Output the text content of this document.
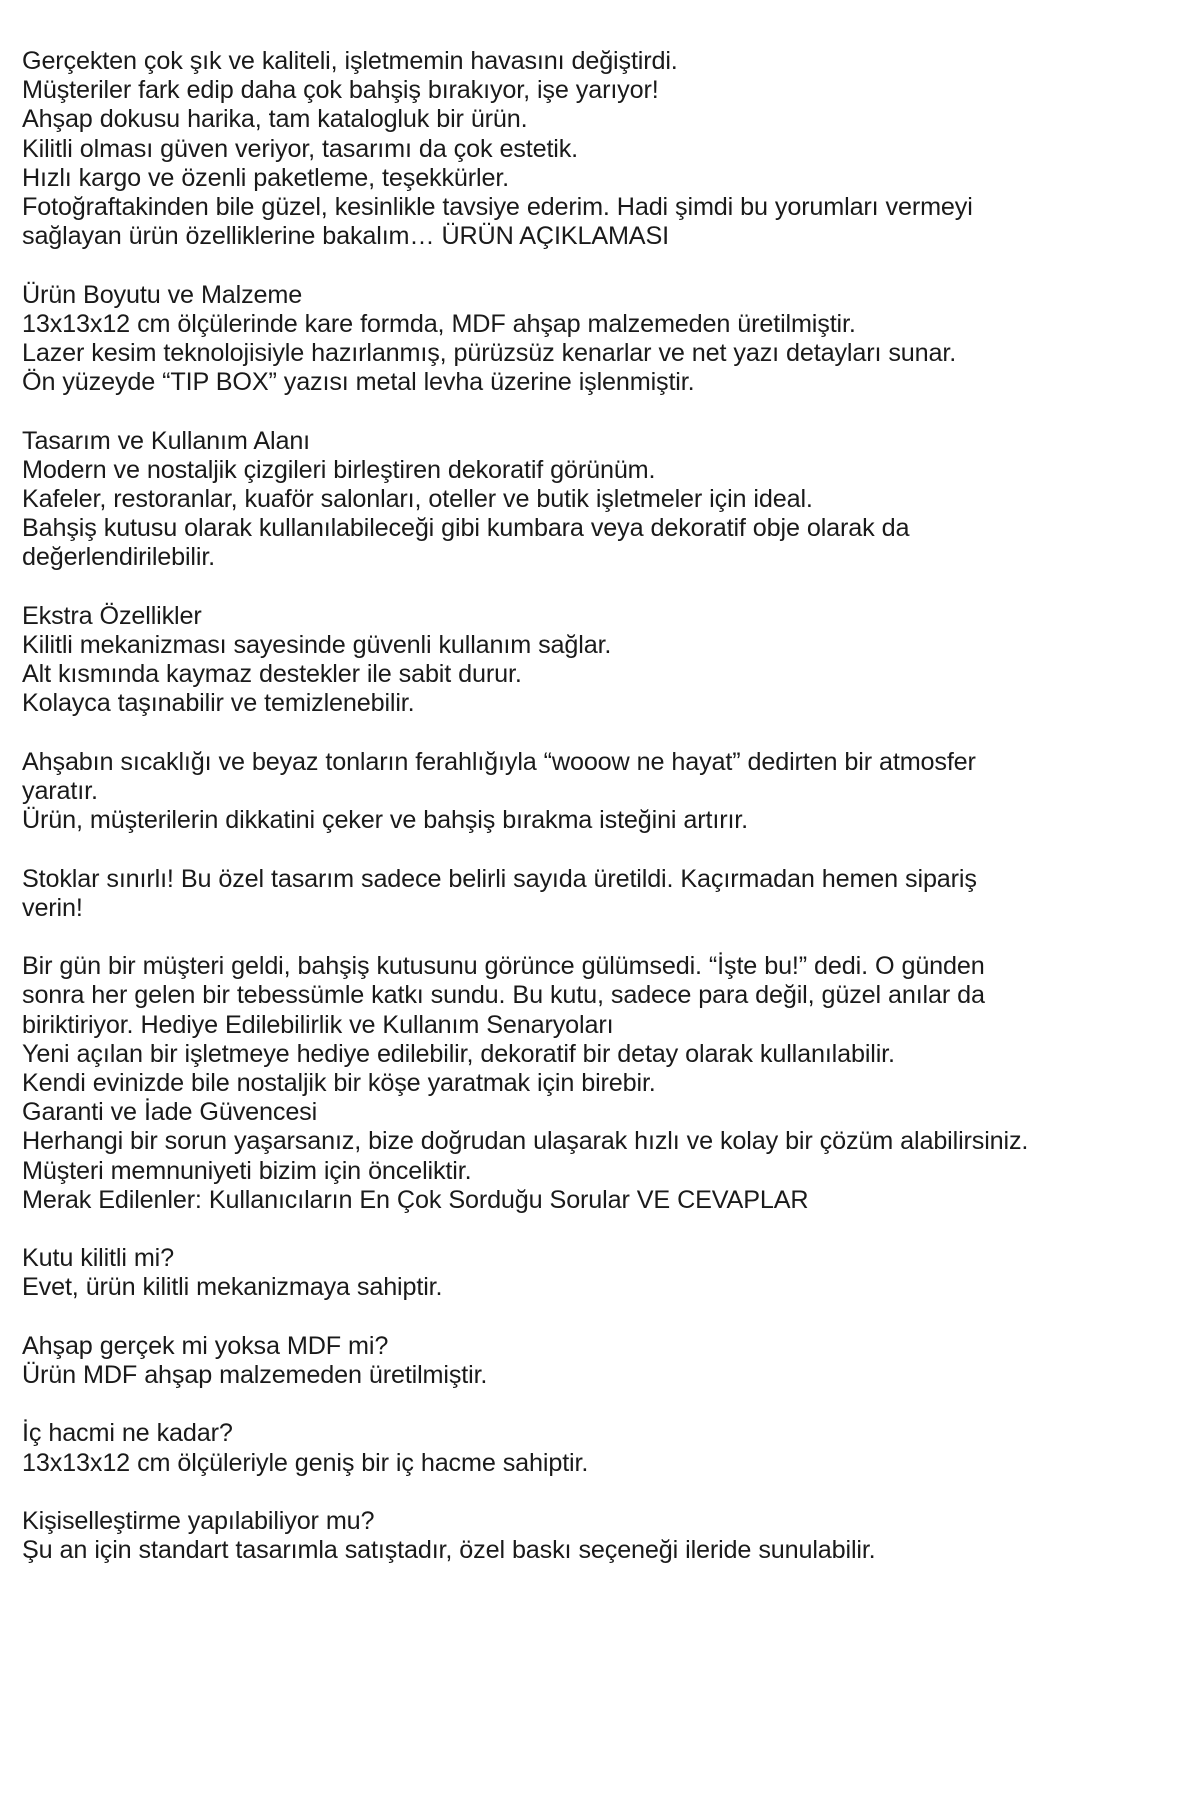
Gerçekten çok şık ve kaliteli, işletmemin havasını değiştirdi.
Müşteriler fark edip daha çok bahşiş bırakıyor, işe yarıyor!
Ahşap dokusu harika, tam katalogluk bir ürün.
Kilitli olması güven veriyor, tasarımı da çok estetik.
Hızlı kargo ve özenli paketleme, teşekkürler.
Fotoğraftakinden bile güzel, kesinlikle tavsiye ederim. Hadi şimdi bu yorumları vermeyi sağlayan ürün özelliklerine bakalım… ÜRÜN AÇIKLAMASI
Ürün Boyutu ve Malzeme
13x13x12 cm ölçülerinde kare formda, MDF ahşap malzemeden üretilmiştir.
Lazer kesim teknolojisiyle hazırlanmış, pürüzsüz kenarlar ve net yazı detayları sunar.
Ön yüzeyde “TIP BOX” yazısı metal levha üzerine işlenmiştir.
Tasarım ve Kullanım Alanı
Modern ve nostaljik çizgileri birleştiren dekoratif görünüm.
Kafeler, restoranlar, kuaför salonları, oteller ve butik işletmeler için ideal.
Bahşiş kutusu olarak kullanılabileceği gibi kumbara veya dekoratif obje olarak da değerlendirilebilir.
Ekstra Özellikler
Kilitli mekanizması sayesinde güvenli kullanım sağlar.
Alt kısmında kaymaz destekler ile sabit durur.
Kolayca taşınabilir ve temizlenebilir.
Ahşabın sıcaklığı ve beyaz tonların ferahlığıyla “wooow ne hayat” dedirten bir atmosfer yaratır.
Ürün, müşterilerin dikkatini çeker ve bahşiş bırakma isteğini artırır.
Stoklar sınırlı! Bu özel tasarım sadece belirli sayıda üretildi. Kaçırmadan hemen sipariş verin!
Bir gün bir müşteri geldi, bahşiş kutusunu görünce gülümsedi. “İşte bu!” dedi. O günden sonra her gelen bir tebessümle katkı sundu. Bu kutu, sadece para değil, güzel anılar da biriktiriyor. Hediye Edilebilirlik ve Kullanım Senaryoları
Yeni açılan bir işletmeye hediye edilebilir, dekoratif bir detay olarak kullanılabilir.
Kendi evinizde bile nostaljik bir köşe yaratmak için birebir.
Garanti ve İade Güvencesi
Herhangi bir sorun yaşarsanız, bize doğrudan ulaşarak hızlı ve kolay bir çözüm alabilirsiniz. Müşteri memnuniyeti bizim için önceliktir.
Merak Edilenler: Kullanıcıların En Çok Sorduğu Sorular VE CEVAPLAR
Kutu kilitli mi?
Evet, ürün kilitli mekanizmaya sahiptir.
Ahşap gerçek mi yoksa MDF mi?
Ürün MDF ahşap malzemeden üretilmiştir.
İç hacmi ne kadar?
13x13x12 cm ölçüleriyle geniş bir iç hacme sahiptir.
Kişiselleştirme yapılabiliyor mu?
Şu an için standart tasarımla satıştadır, özel baskı seçeneği ileride sunulabilir.
